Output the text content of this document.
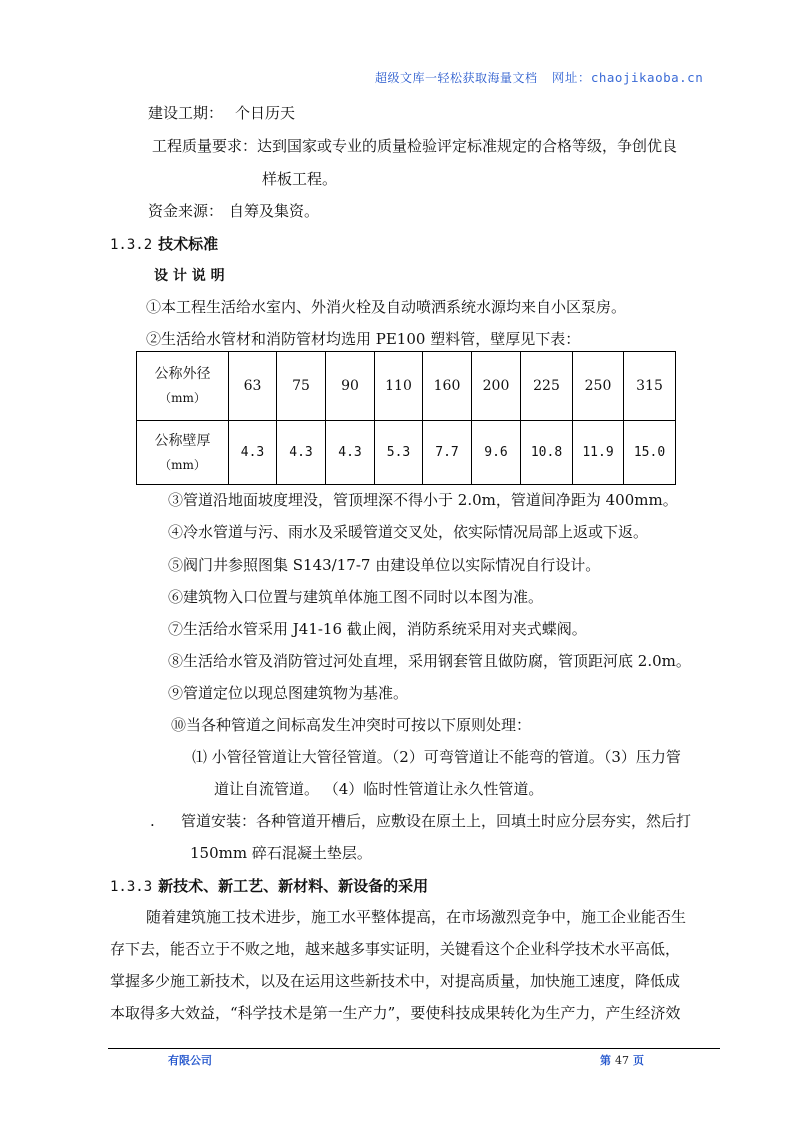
超级文库一轻松获取海量文档 网址：chaojikaoba.cn
建设工期： 个日历天
工程质量要求：达到国家或专业的质量检验评定标准规定的合格等级，争创优良
样板工程。
资金来源： 自筹及集资。
1.3.2 技术标准
设 计 说 明
①本工程生活给水室内、外消火栓及自动喷洒系统水源均来自小区泵房。
②生活给水管材和消防管材均选用 PE100 塑料管，壁厚见下表：
公称外径
（mm）	63	75	90	110	160	200	225	250	315
公称壁厚
（mm）	4.3	4.3	4.3	5.3	7.7	9.6	10.8	11.9	15.0
③管道沿地面坡度埋没，管顶埋深不得小于 2.0m，管道间净距为 400mm。
④冷水管道与污、雨水及采暖管道交叉处，依实际情况局部上返或下返。
⑤阀门井参照图集 S143/17-7 由建设单位以实际情况自行设计。
⑥建筑物入口位置与建筑单体施工图不同时以本图为准。
⑦生活给水管采用 J41-16 截止阀，消防系统采用对夹式蝶阀。
⑧生活给水管及消防管过河处直埋，采用钢套管且做防腐，管顶距河底 2.0m。
⑨管道定位以现总图建筑物为基准。
⑩当各种管道之间标高发生冲突时可按以下原则处理：
⑴ 小管径管道让大管径管道。（2）可弯管道让不能弯的管道。（3）压力管
道让自流管道。 （4）临时性管道让永久性管道。
. 管道安装：各种管道开槽后，应敷设在原土上，回填土时应分层夯实，然后打
150mm 碎石混凝土垫层。
1.3.3 新技术、新工艺、新材料、新设备的采用
随着建筑施工技术进步，施工水平整体提高，在市场激烈竞争中，施工企业能否生
存下去，能否立于不败之地，越来越多事实证明，关键看这个企业科学技术水平高低，
掌握多少施工新技术，以及在运用这些新技术中，对提高质量，加快施工速度，降低成
本取得多大效益，“科学技术是第一生产力”，要使科技成果转化为生产力，产生经济效
有限公司	第 47 页
